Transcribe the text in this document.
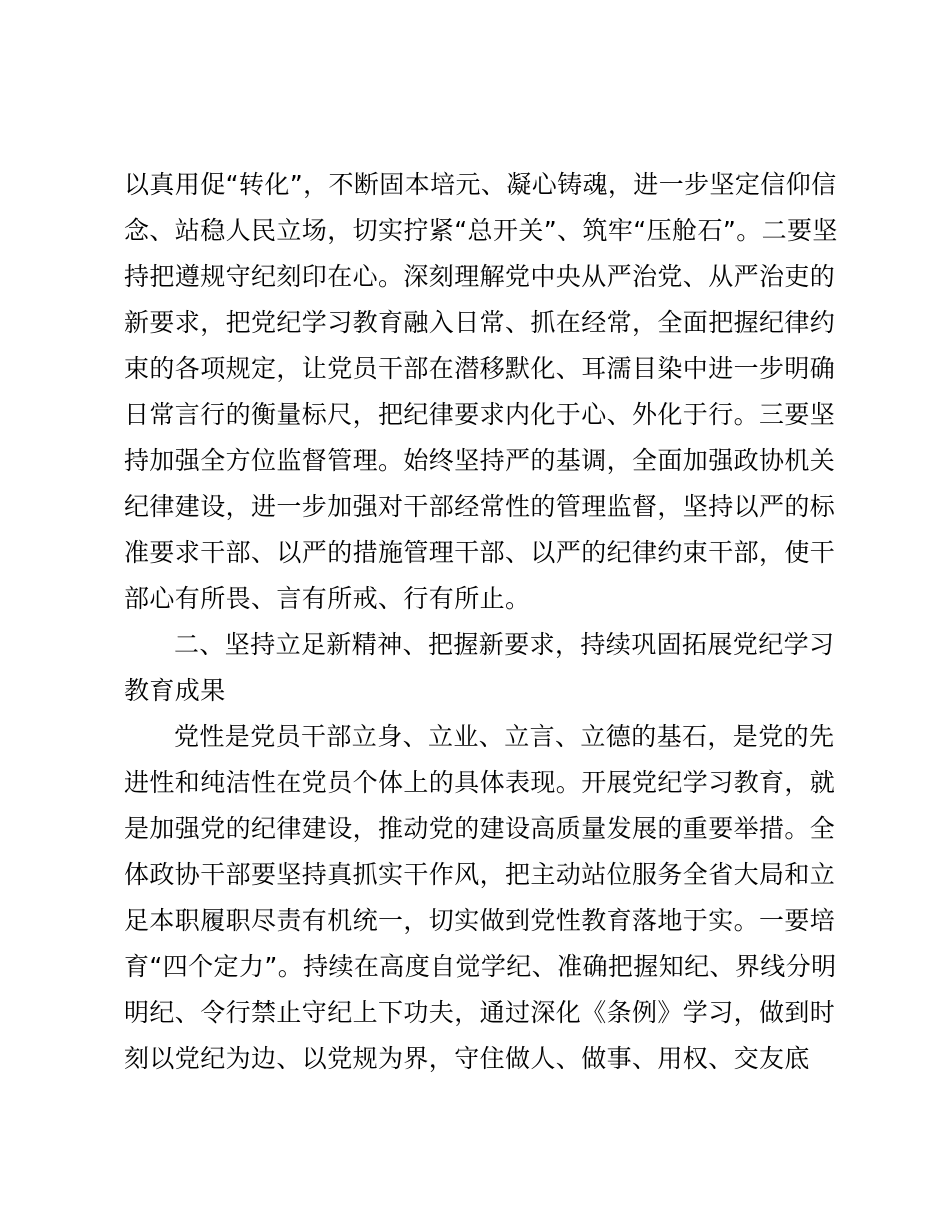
以真用促“转化”，不断固本培元、凝心铸魂，进一步坚定信仰信
念、站稳人民立场，切实拧紧“总开关”、筑牢“压舱石”。二要坚
持把遵规守纪刻印在心。深刻理解党中央从严治党、从严治吏的
新要求，把党纪学习教育融入日常、抓在经常，全面把握纪律约
束的各项规定，让党员干部在潜移默化、耳濡目染中进一步明确
日常言行的衡量标尺，把纪律要求内化于心、外化于行。三要坚
持加强全方位监督管理。始终坚持严的基调，全面加强政协机关
纪律建设，进一步加强对干部经常性的管理监督，坚持以严的标
准要求干部、以严的措施管理干部、以严的纪律约束干部，使干
部心有所畏、言有所戒、行有所止。
二、坚持立足新精神、把握新要求，持续巩固拓展党纪学习
教育成果
党性是党员干部立身、立业、立言、立德的基石，是党的先
进性和纯洁性在党员个体上的具体表现。开展党纪学习教育，就
是加强党的纪律建设，推动党的建设高质量发展的重要举措。全
体政协干部要坚持真抓实干作风，把主动站位服务全省大局和立
足本职履职尽责有机统一，切实做到党性教育落地于实。一要培
育“四个定力”。持续在高度自觉学纪、准确把握知纪、界线分明
明纪、令行禁止守纪上下功夫，通过深化《条例》学习，做到时
刻以党纪为边、以党规为界，守住做人、做事、用权、交友底
